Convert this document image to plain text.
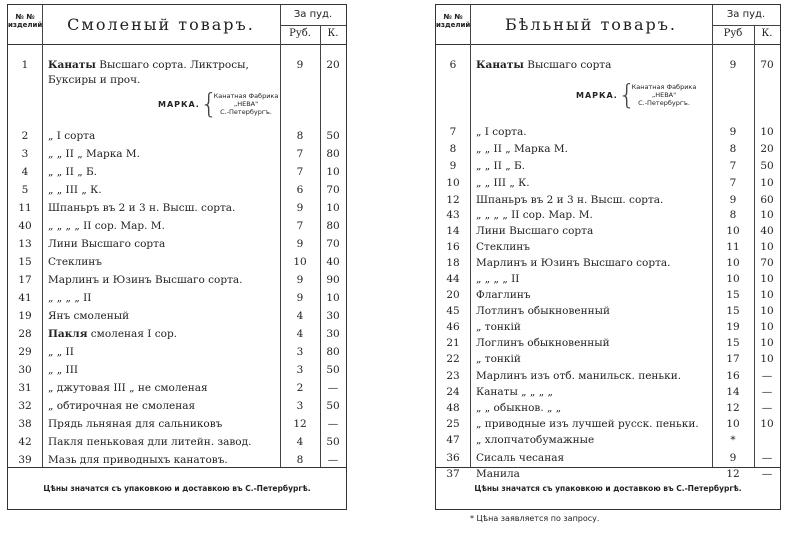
№ №
изделий	Смоленый товаръ.
За пуд.
Руб.	К.
1	Канаты Высшаго сорта. Ликтросы,	9	20
Буксиры и проч.
2	„ I сорта	8	50
3	„ „ II „ Марка М.	7	80
4	„ „ II „ Б.	7	10
5	„ „ III „ К.	6	70
11	Шпаньръ въ 2 и 3 н. Высш. сорта.	9	10
40	„ „ „ „ II сор. Мар. М.	7	80
13	Лини Высшаго сорта	9	70
15	Стеклинъ	10	40
17	Марлинъ и Юзинъ Высшаго сорта.	9	90
41	„ „ „ „ II	9	10
19	Янъ смоленый	4	30
28	Пакля смоленая I сор.	4	30
29	„ „ II	3	80
30	„ „ III	3	50
31	„ джутовая III „ не смоленая	2	—
32	„ обтирочная не смоленая	3	50
38	Прядь льняная для сальниковъ	12	—
42	Пакля пеньковая дли литейн. завод.	4	50
39	Мазь для приводныхъ канатовъ.	8	—
МАРКА. {
Канатная Фабрика
„НЕВА"
С.-Петербургъ.
Цѣны значатся съ упаковкою и доставкою въ С.-Петербургѣ.
№ №
изделий	Бѣльный товаръ.
За пуд.
Руб	К.
6	Канаты Высшаго сорта	9	70
7	„ I сорта.	9	10
8	„ „ II „ Марка М.	8	20
9	„ „ II „ Б.	7	50
10	„ „ III „ К.	7	10
12	Шпаньръ въ 2 и 3 н. Высш. сорта.	9	60
43	„ „ „ „ II сор. Мар. М.	8	10
14	Лини Высшаго сорта	10	40
16	Стеклинъ	11	10
18	Марлинъ и Юзинъ Высшаго сорта.	10	70
44	„ „ „ „ II	10	10
20	Флаглинъ	15	10
45	Лотлинъ обыкновенный	15	10
46	„ тонкій	19	10
21	Логлинъ обыкновенный	15	10
22	„ тонкій	17	10
23	Марлинъ изъ отб. манильск. пеньки.	16	—
24	Канаты „ „ „ „	14	—
48	„ „ обыкнов. „ „	12	—
25	„ приводные изъ лучшей русск. пеньки.	10	10
47	„ хлопчатобумажные	*
36	Сисаль чесаная	9	—
37	Манила	12	—
МАРКА. {
Канатная Фабрика
„НЕВА"
С.-Петербургъ.
Цѣны значатся съ упаковкою и доставкою въ С.-Петербургѣ.
* Цѣна заявляется по запросу.
